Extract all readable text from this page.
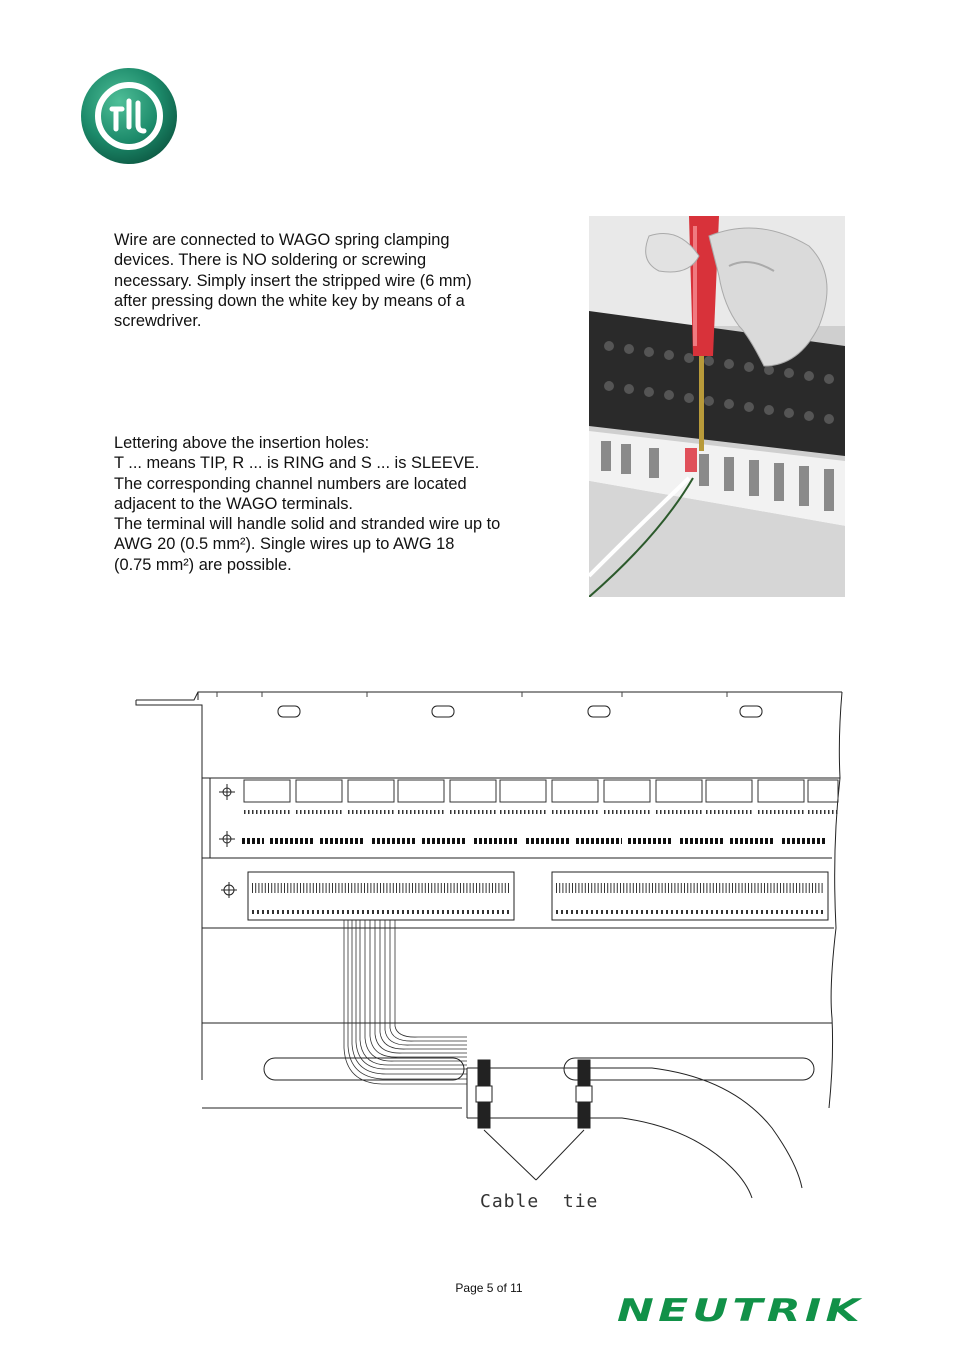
Wire are connected to WAGO spring clamping
devices. There is NO soldering or screwing
necessary. Simply insert the stripped wire (6 mm)
after pressing down the white key by means of a
screwdriver.
Lettering above the insertion holes:
T ... means TIP, R ... is RING and S ... is SLEEVE.
The corresponding channel numbers are located
adjacent to the WAGO terminals.
The terminal will handle solid and stranded wire up to
AWG 20 (0.5 mm²). Single wires up to AWG 18
(0.75 mm²) are possible.
Cable  tie
Page 5 of 11
NEUTRIK
